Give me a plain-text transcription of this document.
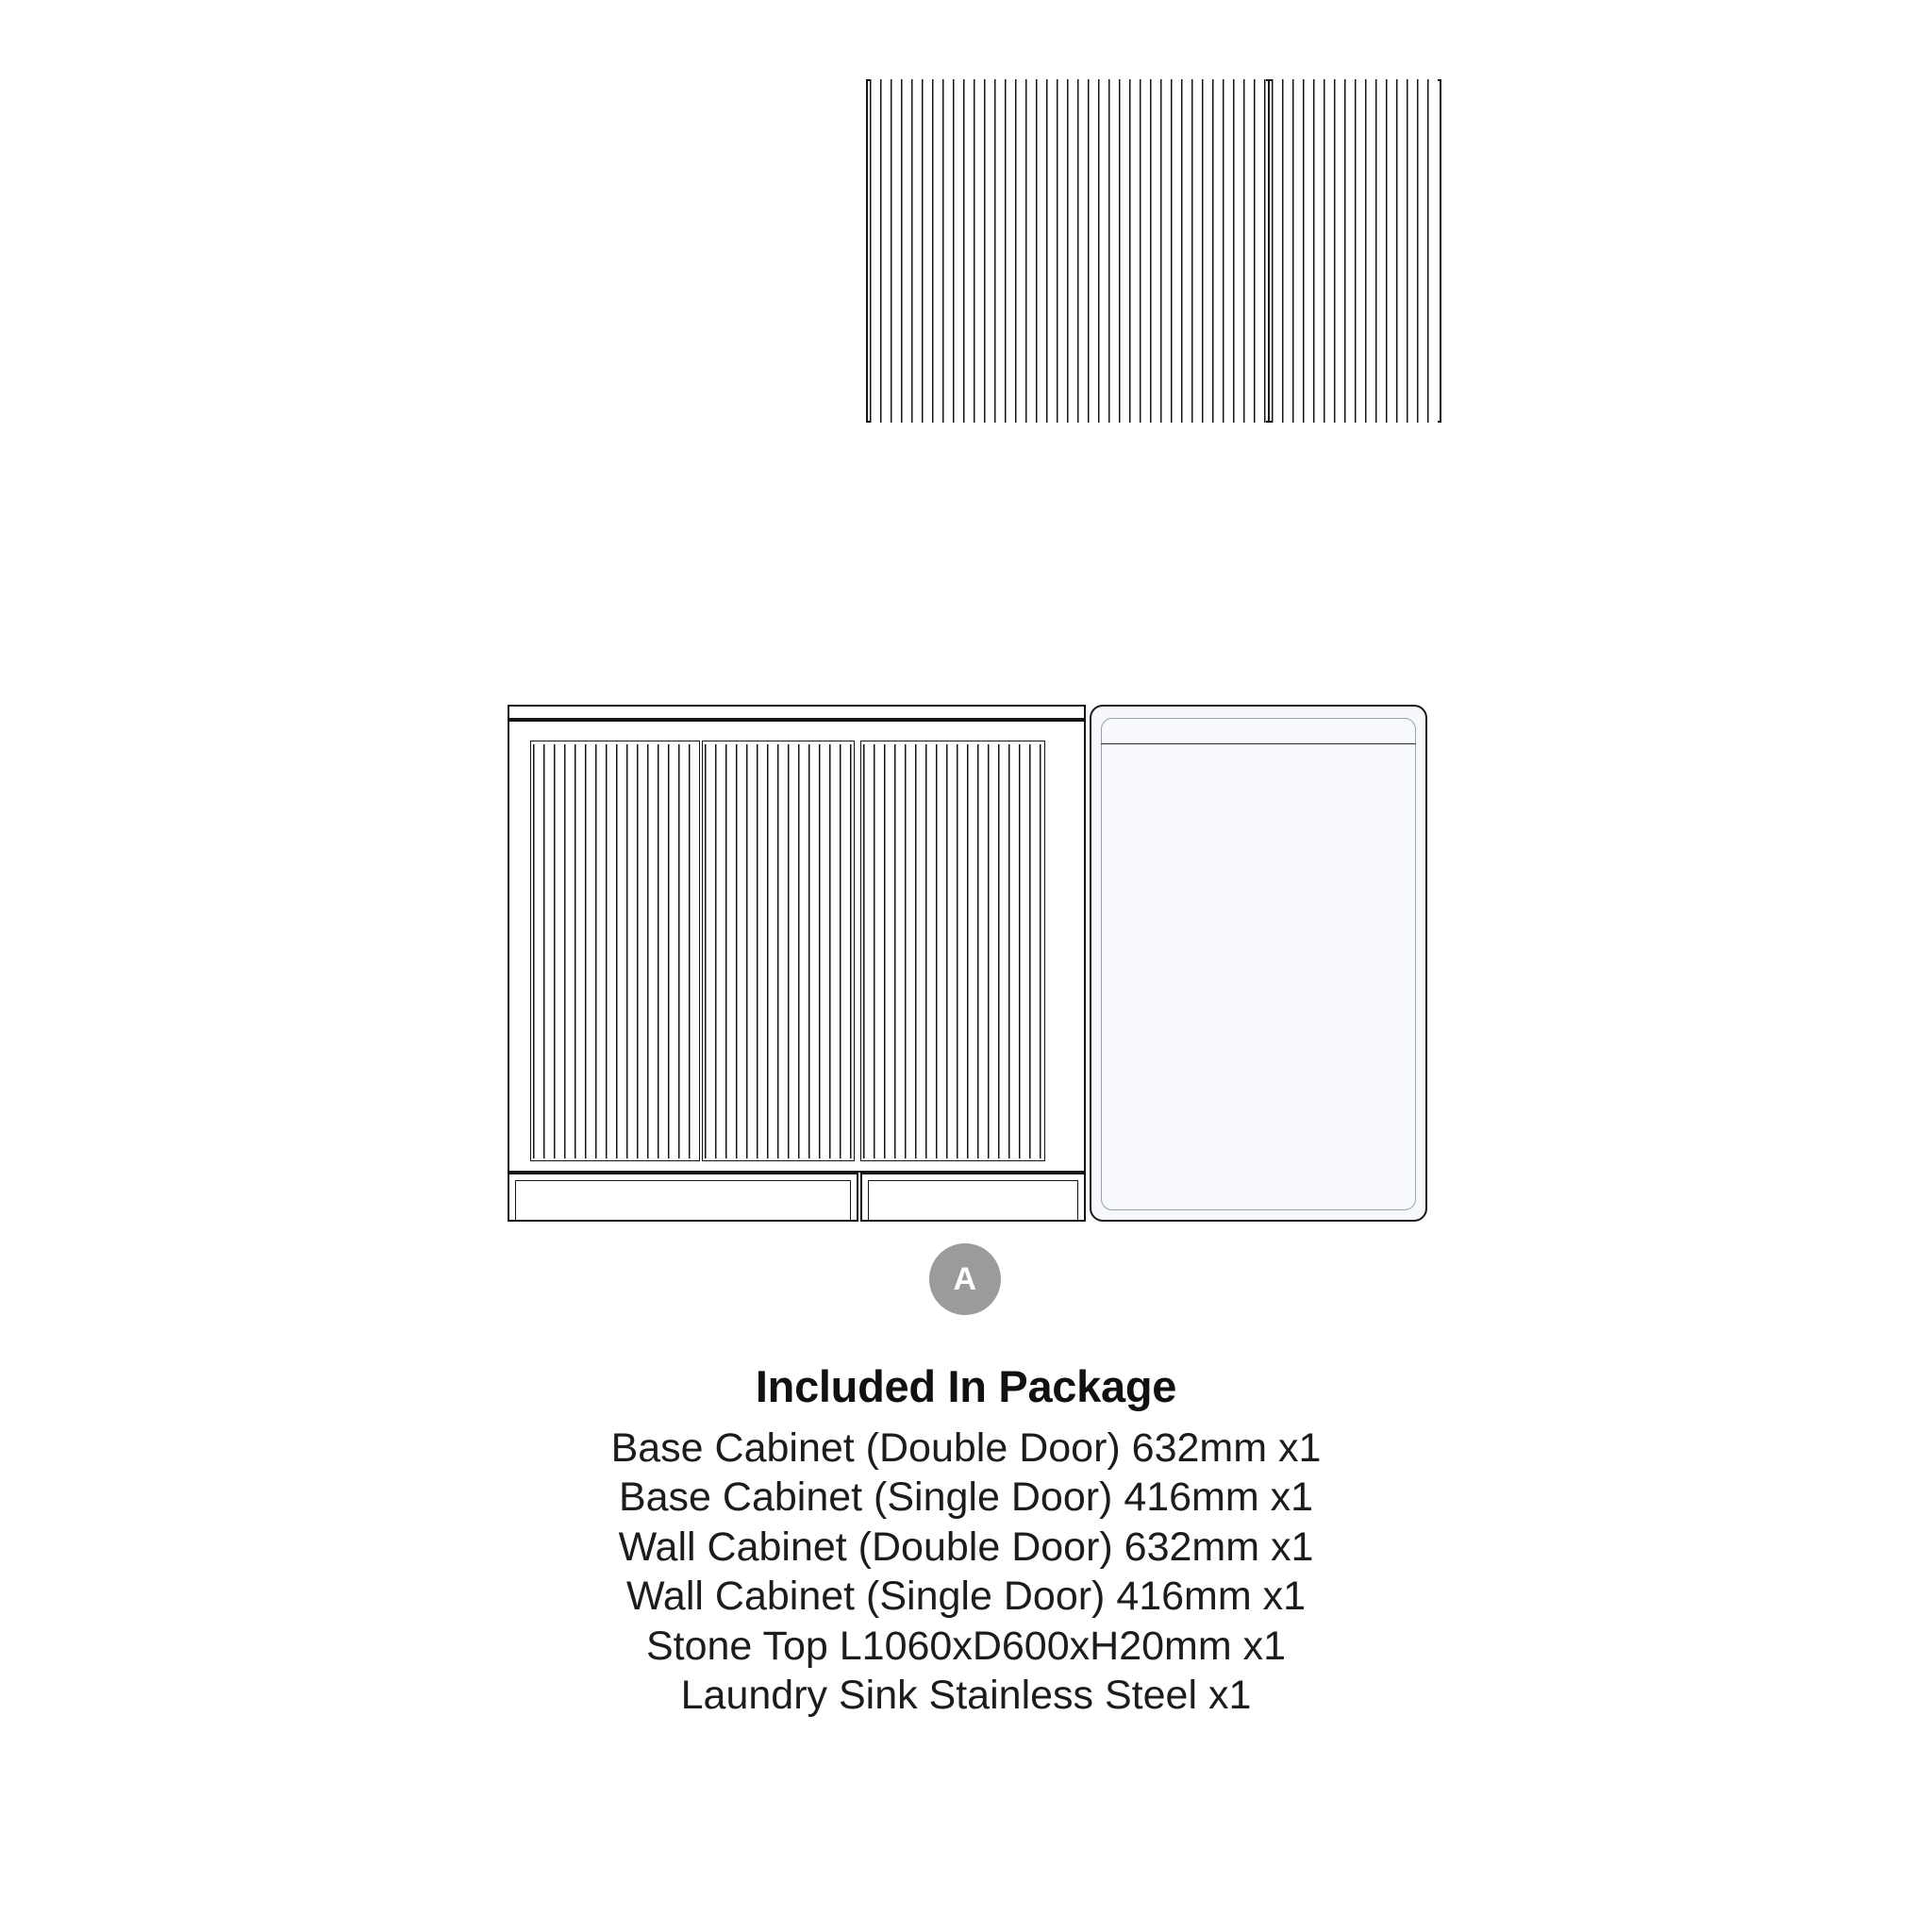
A
Included In Package
Base Cabinet (Double Door) 632mm x1
Base Cabinet (Single Door) 416mm x1
Wall Cabinet (Double Door) 632mm x1
Wall Cabinet (Single Door) 416mm x1
Stone Top L1060xD600xH20mm x1
Laundry Sink Stainless Steel x1
